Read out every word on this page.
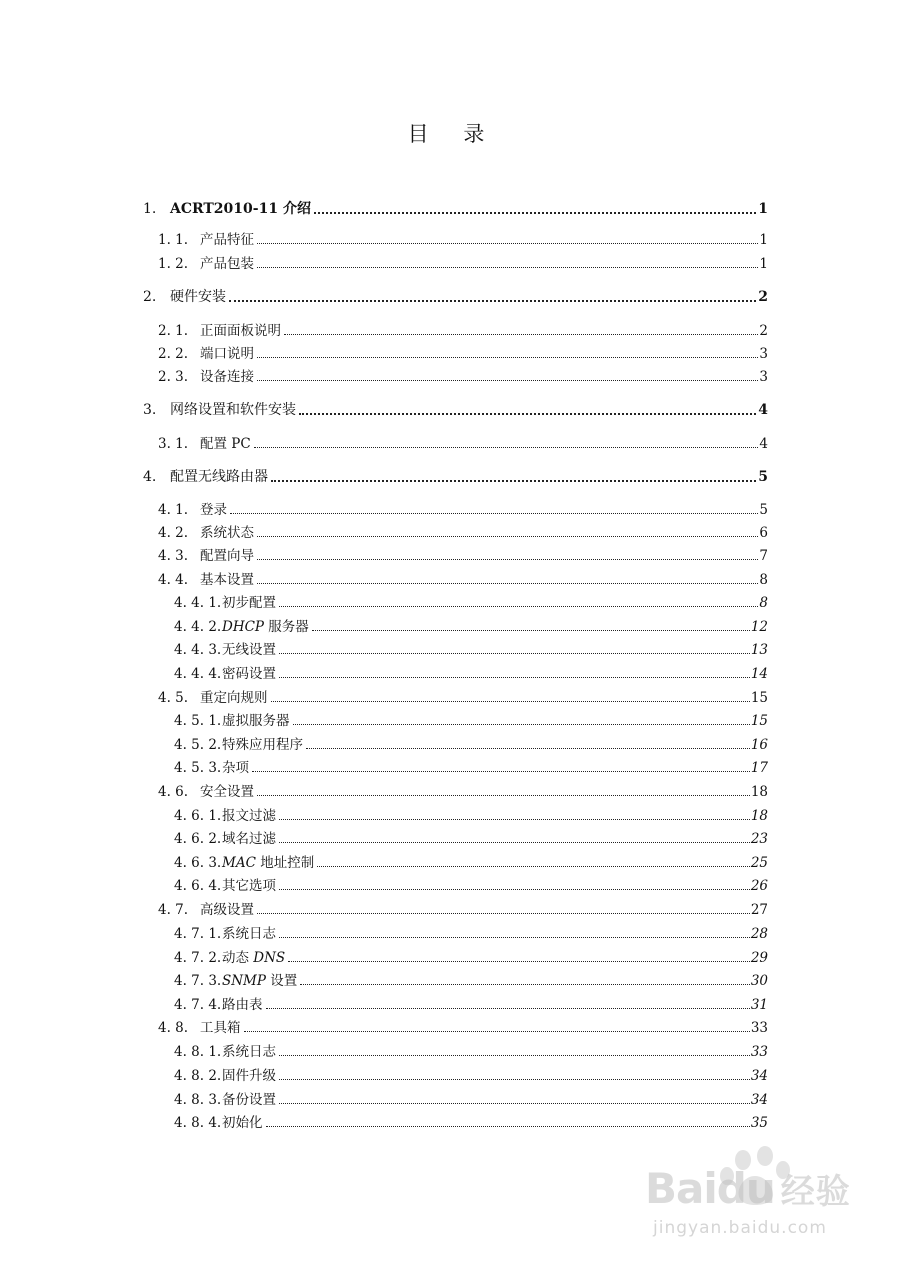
目 录
1. ACRT2010-11 介绍	1
1. 1. 产品特征	1
1. 2. 产品包装	1
2. 硬件安装	2
2. 1. 正面面板说明	2
2. 2. 端口说明	3
2. 3. 设备连接	3
3. 网络设置和软件安装	4
3. 1. 配置 PC	4
4. 配置无线路由器	5
4. 1. 登录	5
4. 2. 系统状态	6
4. 3. 配置向导	7
4. 4. 基本设置	8
4. 4. 1. 初步配置	8
4. 4. 2. DHCP 服务器	12
4. 4. 3. 无线设置	13
4. 4. 4. 密码设置	14
4. 5. 重定向规则	15
4. 5. 1. 虚拟服务器	15
4. 5. 2. 特殊应用程序	16
4. 5. 3. 杂项	17
4. 6. 安全设置	18
4. 6. 1. 报文过滤	18
4. 6. 2. 域名过滤	23
4. 6. 3. MAC 地址控制	25
4. 6. 4. 其它选项	26
4. 7. 高级设置	27
4. 7. 1. 系统日志	28
4. 7. 2. 动态 DNS	29
4. 7. 3. SNMP 设置	30
4. 7. 4. 路由表	31
4. 8. 工具箱	33
4. 8. 1. 系统日志	33
4. 8. 2. 固件升级	34
4. 8. 3. 备份设置	34
4. 8. 4. 初始化	35
Baidu 经验
jingyan.baidu.com
